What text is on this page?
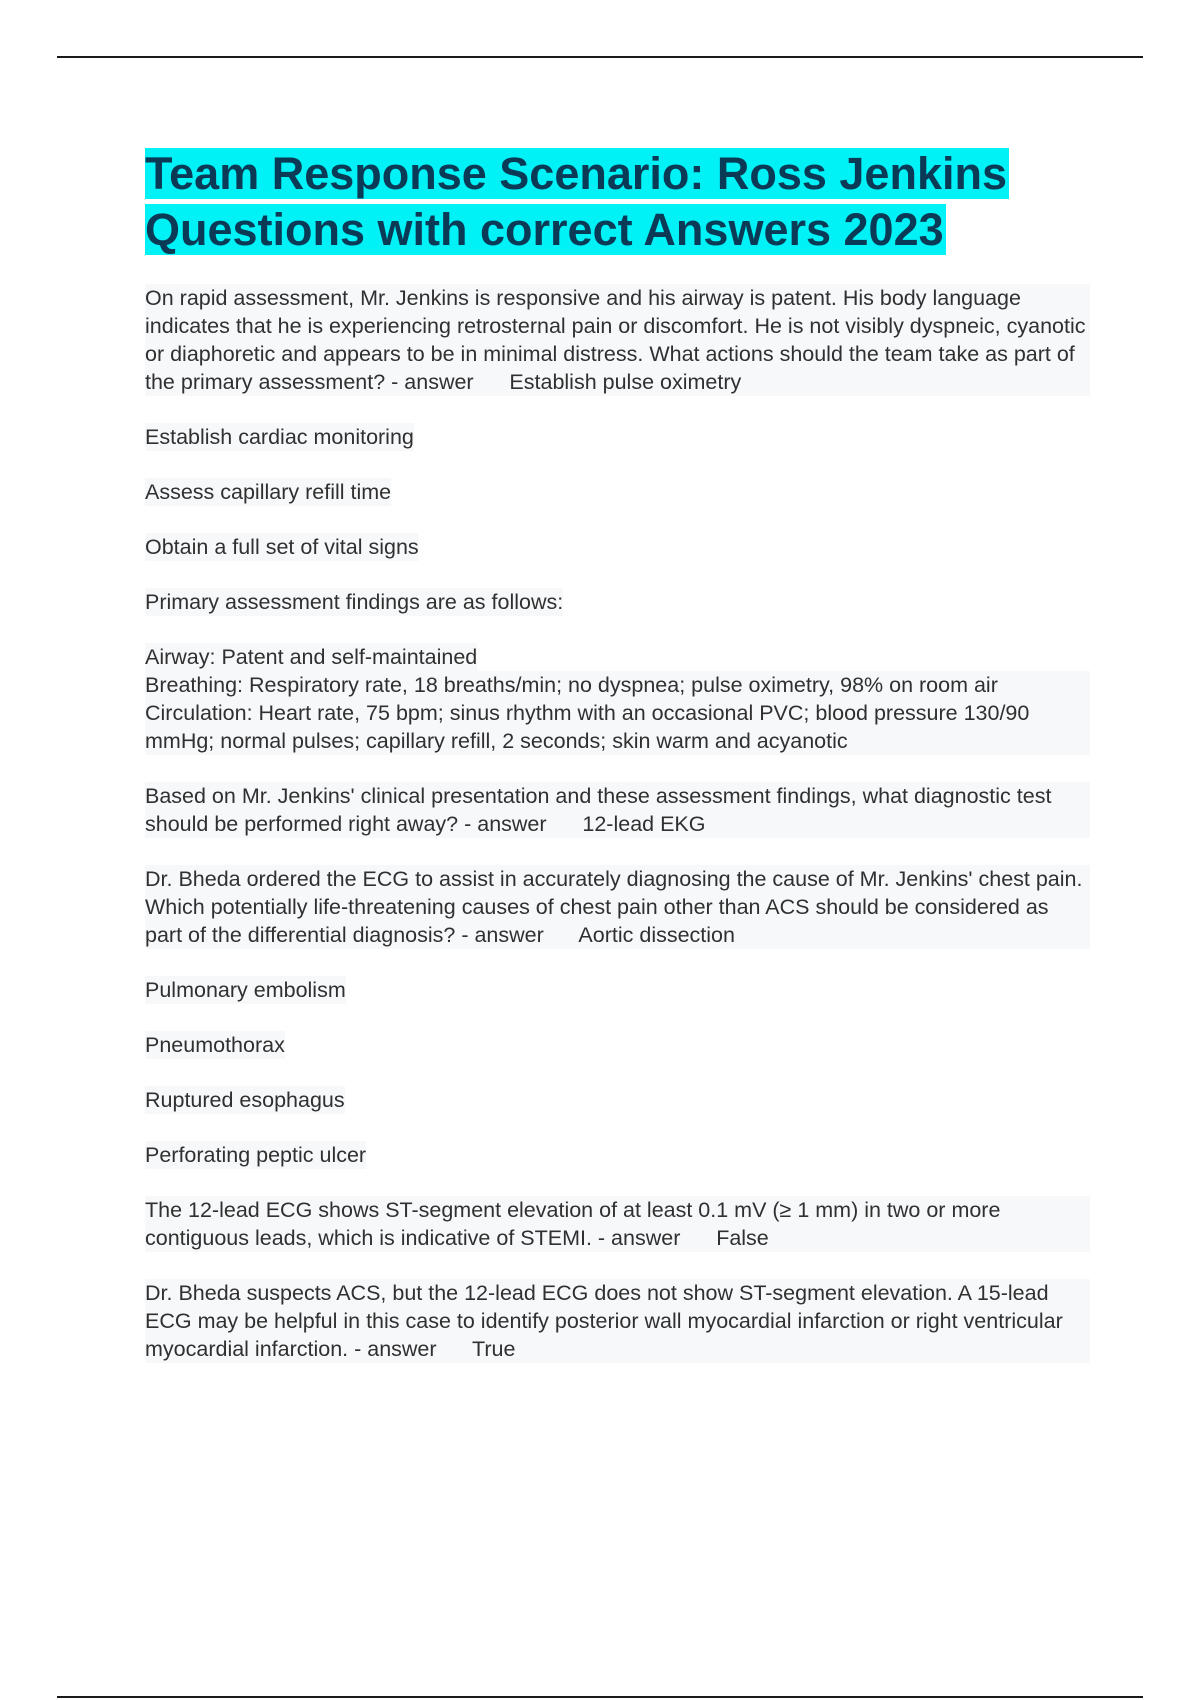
Team Response Scenario: Ross Jenkins
Questions with correct Answers 2023

On rapid assessment, Mr. Jenkins is responsive and his airway is patent. His body language indicates that he is experiencing retrosternal pain or discomfort. He is not visibly dyspneic, cyanotic or diaphoretic and appears to be in minimal distress. What actions should the team take as part of the primary assessment? - answer      Establish pulse oximetry

Establish cardiac monitoring

Assess capillary refill time

Obtain a full set of vital signs

Primary assessment findings are as follows:

Airway: Patent and self-maintained
Breathing: Respiratory rate, 18 breaths/min; no dyspnea; pulse oximetry, 98% on room air
Circulation: Heart rate, 75 bpm; sinus rhythm with an occasional PVC; blood pressure 130/90 mmHg; normal pulses; capillary refill, 2 seconds; skin warm and acyanotic

Based on Mr. Jenkins' clinical presentation and these assessment findings, what diagnostic test should be performed right away? - answer      12-lead EKG

Dr. Bheda ordered the ECG to assist in accurately diagnosing the cause of Mr. Jenkins' chest pain. Which potentially life-threatening causes of chest pain other than ACS should be considered as part of the differential diagnosis? - answer      Aortic dissection

Pulmonary embolism

Pneumothorax

Ruptured esophagus

Perforating peptic ulcer

The 12-lead ECG shows ST-segment elevation of at least 0.1 mV (≥ 1 mm) in two or more contiguous leads, which is indicative of STEMI. - answer      False

Dr. Bheda suspects ACS, but the 12-lead ECG does not show ST-segment elevation. A 15-lead ECG may be helpful in this case to identify posterior wall myocardial infarction or right ventricular myocardial infarction. - answer      True
